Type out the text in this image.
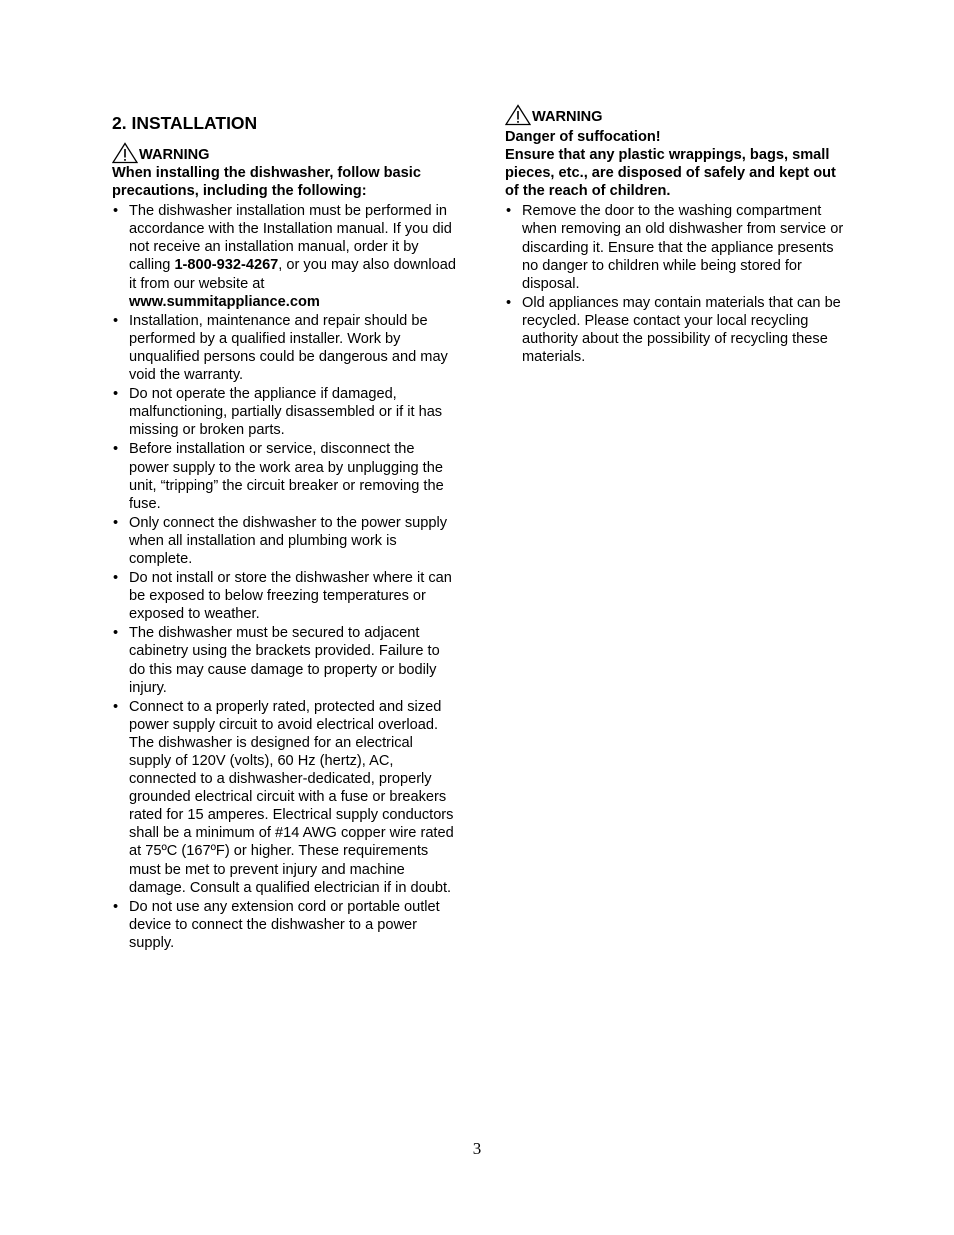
2. INSTALLATION
WARNING

When installing the dishwasher, follow basic precautions, including the following:

• The dishwasher installation must be performed in accordance with the Installation manual. If you did not receive an installation manual, order it by calling 1-800-932-4267, or you may also download it from our website at www.summitappliance.com
• Installation, maintenance and repair should be performed by a qualified installer. Work by unqualified persons could be dangerous and may void the warranty.
• Do not operate the appliance if damaged, malfunctioning, partially disassembled or if it has missing or broken parts.
• Before installation or service, disconnect the power supply to the work area by unplugging the unit, “tripping” the circuit breaker or removing the fuse.
• Only connect the dishwasher to the power supply when all installation and plumbing work is complete.
• Do not install or store the dishwasher where it can be exposed to below freezing temperatures or exposed to weather.
• The dishwasher must be secured to adjacent cabinetry using the brackets provided. Failure to do this may cause damage to property or bodily injury.
• Connect to a properly rated, protected and sized power supply circuit to avoid electrical overload. The dishwasher is designed for an electrical supply of 120V (volts), 60 Hz (hertz), AC, connected to a dishwasher-dedicated, properly grounded electrical circuit with a fuse or breakers rated for 15 amperes. Electrical supply conductors shall be a minimum of #14 AWG copper wire rated at 75ºC (167ºF) or higher. These requirements must be met to prevent injury and machine damage. Consult a qualified electrician if in doubt.
• Do not use any extension cord or portable outlet device to connect the dishwasher to a power supply.
WARNING

Danger of suffocation!

Ensure that any plastic wrappings, bags, small pieces, etc., are disposed of safely and kept out of the reach of children.

• Remove the door to the washing compartment when removing an old dishwasher from service or discarding it. Ensure that the appliance presents no danger to children while being stored for disposal.
• Old appliances may contain materials that can be recycled. Please contact your local recycling authority about the possibility of recycling these materials.
3
